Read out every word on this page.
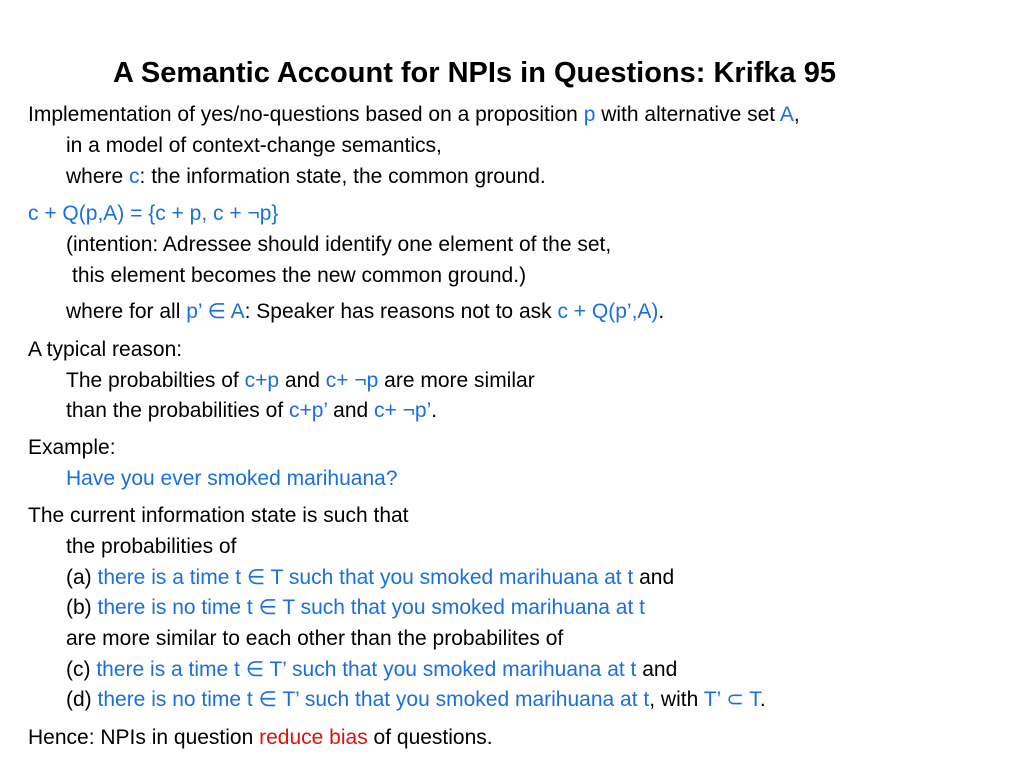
A Semantic Account for NPIs in Questions: Krifka 95
Implementation of yes/no-questions based on a proposition p with alternative set A,
in a model of context-change semantics,
where c: the information state, the common ground.
c + Q(p,A) = {c + p, c + ¬p}
(intention: Adressee should identify one element of the set,
this element becomes the new common ground.)
where for all p’ ∈ A: Speaker has reasons not to ask c + Q(p’,A).
A typical reason:
The probabilties of c+p and c+ ¬p are more similar
than the probabilities of c+p’ and c+ ¬p’.
Example:
Have you ever smoked marihuana?
The current information state is such that
the probabilities of
(a) there is a time t ∈ T such that you smoked marihuana at t and
(b) there is no time t ∈ T such that you smoked marihuana at t
are more similar to each other than the probabilites of
(c) there is a time t ∈ T’ such that you smoked marihuana at t and
(d) there is no time t ∈ T’ such that you smoked marihuana at t, with T’ ⊂ T.
Hence: NPIs in question reduce bias of questions.
